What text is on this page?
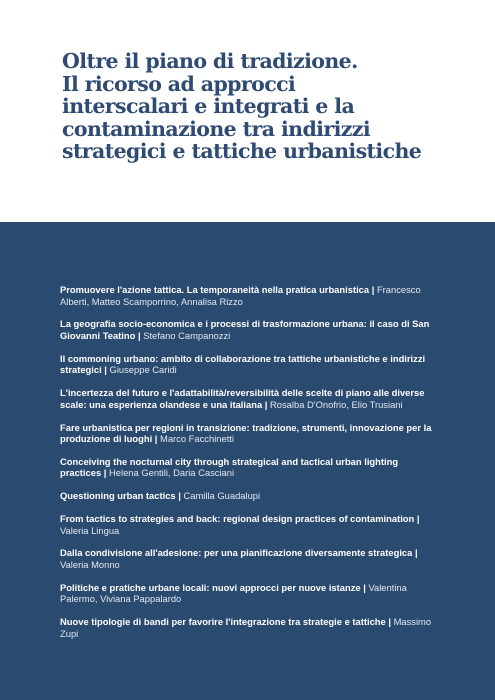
Oltre il piano di tradizione.
Il ricorso ad approcci
interscalari e integrati e la
contaminazione tra indirizzi
strategici e tattiche urbanistiche
Promuovere l'azione tattica. La temporaneità nella pratica urbanistica | Francesco Alberti, Matteo Scamporrino, Annalisa Rizzo
La geografia socio-economica e i processi di trasformazione urbana: il caso di San Giovanni Teatino | Stefano Campanozzi
Il commoning urbano: ambito di collaborazione tra tattiche urbanistiche e indirizzi strategici | Giuseppe Caridi
L'incertezza del futuro e l'adattabilità/reversibilità delle scelte di piano alle diverse scale: una esperienza olandese e una italiana | Rosalba D'Onofrio, Elio Trusiani
Fare urbanistica per regioni in transizione: tradizione, strumenti, innovazione per la produzione di luoghi | Marco Facchinetti
Conceiving the nocturnal city through strategical and tactical urban lighting practices | Helena Gentili, Daria Casciani
Questioning urban tactics | Camilla Guadalupi
From tactics to strategies and back: regional design practices of contamination | Valeria Lingua
Dalla condivisione all'adesione: per una pianificazione diversamente strategica | Valeria Monno
Politiche e pratiche urbane locali: nuovi approcci per nuove istanze | Valentina Palermo, Viviana Pappalardo
Nuove tipologie di bandi per favorire l'integrazione tra strategie e tattiche | Massimo Zupi
